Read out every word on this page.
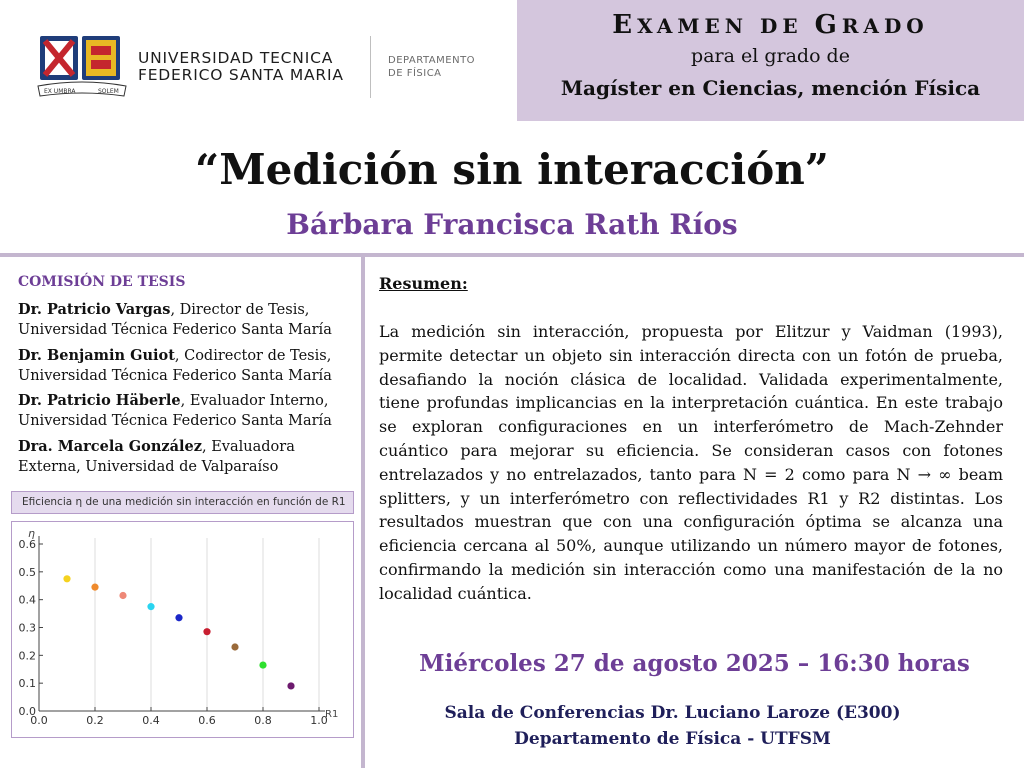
EXAMEN DE GRADO
para el grado de
Magíster en Ciencias, mención Física
EX UMBRA	SOLEM
UNIVERSIDAD TECNICA
FEDERICO SANTA MARIA
DEPARTAMENTO
DE FÍSICA
“Medición sin interacción”
Bárbara Francisca Rath Ríos
COMISIÓN DE TESIS
Dr. Patricio Vargas, Director de Tesis,
Universidad Técnica Federico Santa María
Dr. Benjamin Guiot, Codirector de Tesis,
Universidad Técnica Federico Santa María
Dr. Patricio Häberle, Evaluador Interno,
Universidad Técnica Federico Santa María
Dra. Marcela González, Evaluadora
Externa, Universidad de Valparaíso
Eficiencia η de una medición sin interacción en función de R1
0.0	0.2	0.4	0.6	0.8	1.0
0.0
0.1
0.2
0.3
0.4
0.5
0.6
η
R1
Resumen:

La medición sin interacción, propuesta por Elitzur y Vaidman (1993), permite detectar un objeto sin interacción directa con un fotón de prueba, desafiando la noción clásica de localidad. Validada experimentalmente, tiene profundas implicancias en la interpretación cuántica. En este trabajo se exploran configuraciones en un interferómetro de Mach-Zehnder cuántico para mejorar su eficiencia. Se consideran casos con fotones entrelazados y no entrelazados, tanto para N = 2 como para N → ∞ beam splitters, y un interferómetro con reflectividades R1 y R2 distintas. Los resultados muestran que con una configuración óptima se alcanza una eficiencia cercana al 50%, aunque utilizando un número mayor de fotones, confirmando la medición sin interacción como una manifestación de la no localidad cuántica.

Miércoles 27 de agosto 2025 – 16:30 horas
Sala de Conferencias Dr. Luciano Laroze (E300)
Departamento de Física - UTFSM
